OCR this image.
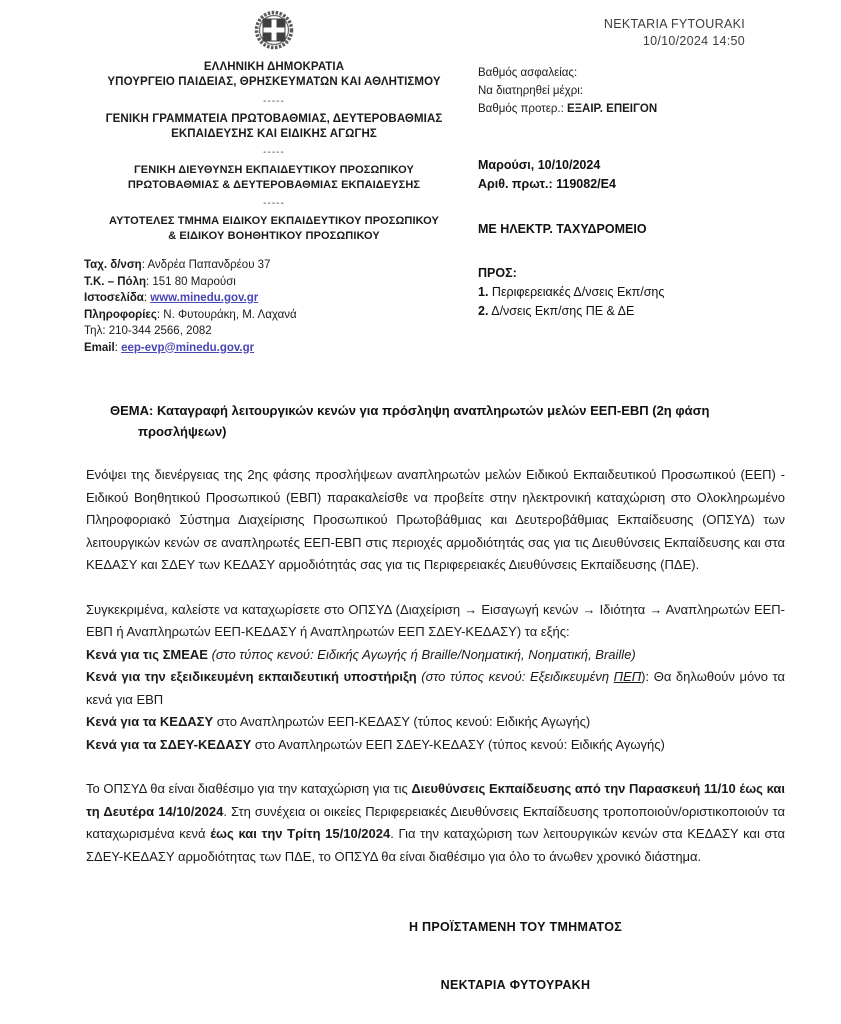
ΕΛΛΗΝΙΚΗ ΔΗΜΟΚΡΑΤΙΑ
ΥΠΟΥΡΓΕΙΟ ΠΑΙΔΕΙΑΣ, ΘΡΗΣΚΕΥΜΑΤΩΝ ΚΑΙ ΑΘΛΗΤΙΣΜΟΥ
-----
ΓΕΝΙΚΗ ΓΡΑΜΜΑΤΕΙΑ ΠΡΩΤΟΒΑΘΜΙΑΣ, ΔΕΥΤΕΡΟΒΑΘΜΙΑΣ
ΕΚΠΑΙΔΕΥΣΗΣ ΚΑΙ ΕΙΔΙΚΗΣ ΑΓΩΓΗΣ
-----
ΓΕΝΙΚΗ ΔΙΕΥΘΥΝΣΗ ΕΚΠΑΙΔΕΥΤΙΚΟΥ ΠΡΟΣΩΠΙΚΟΥ
ΠΡΩΤΟΒΑΘΜΙΑΣ & ΔΕΥΤΕΡΟΒΑΘΜΙΑΣ ΕΚΠΑΙΔΕΥΣΗΣ
-----
ΑΥΤΟΤΕΛΕΣ ΤΜΗΜΑ ΕΙΔΙΚΟΥ ΕΚΠΑΙΔΕΥΤΙΚΟΥ ΠΡΟΣΩΠΙΚΟΥ
& ΕΙΔΙΚΟΥ ΒΟΗΘΗΤΙΚΟΥ ΠΡΟΣΩΠΙΚΟΥ
Ταχ. δ/νση: Ανδρέα Παπανδρέου 37
Τ.Κ. – Πόλη: 151 80 Μαρούσι
Ιστοσελίδα: www.minedu.gov.gr
Πληροφορίες: Ν. Φυτουράκη, Μ. Λαχανά
Τηλ: 210-344 2566, 2082
Email: eep-evp@minedu.gov.gr
NEKTARIA FYTOURAKI
10/10/2024 14:50
Βαθμός ασφαλείας:
Να διατηρηθεί μέχρι:
Βαθμός προτερ.: ΕΞΑΙΡ. ΕΠΕΙΓΟΝ
Μαρούσι, 10/10/2024
Αριθ. πρωτ.: 119082/Ε4
ΜΕ ΗΛΕΚΤΡ. ΤΑΧΥΔΡΟΜΕΙΟ
ΠΡΟΣ:
1. Περιφερειακές Δ/νσεις Εκπ/σης
2. Δ/νσεις Εκπ/σης ΠΕ & ΔΕ
ΘΕΜΑ: Καταγραφή λειτουργικών κενών για πρόσληψη αναπληρωτών μελών ΕΕΠ-ΕΒΠ (2η φάση
προσλήψεων)
Ενόψει της διενέργειας της 2ης φάσης προσλήψεων αναπληρωτών μελών Ειδικού Εκπαιδευτικού Προσωπικού (ΕΕΠ) - Ειδικού Βοηθητικού Προσωπικού (ΕΒΠ) παρακαλείσθε να προβείτε στην ηλεκτρονική καταχώριση στο Ολοκληρωμένο Πληροφοριακό Σύστημα Διαχείρισης Προσωπικού Πρωτοβάθμιας και Δευτεροβάθμιας Εκπαίδευσης (ΟΠΣΥΔ) των λειτουργικών κενών σε αναπληρωτές ΕΕΠ-ΕΒΠ στις περιοχές αρμοδιότητάς σας για τις Διευθύνσεις Εκπαίδευσης και στα ΚΕΔΑΣΥ και ΣΔΕΥ των ΚΕΔΑΣΥ αρμοδιότητάς σας για τις Περιφερειακές Διευθύνσεις Εκπαίδευσης (ΠΔΕ).
Συγκεκριμένα, καλείστε να καταχωρίσετε στο ΟΠΣΥΔ (Διαχείριση → Εισαγωγή κενών → Ιδιότητα → Αναπληρωτών ΕΕΠ-ΕΒΠ ή Αναπληρωτών ΕΕΠ-ΚΕΔΑΣΥ ή Αναπληρωτών ΕΕΠ ΣΔΕΥ-ΚΕΔΑΣΥ) τα εξής:
Κενά για τις ΣΜΕΑΕ (στο τύπος κενού: Ειδικής Αγωγής ή Braille/Νοηματική, Νοηματική, Braille)
Κενά για την εξειδικευμένη εκπαιδευτική υποστήριξη (στο τύπος κενού: Εξειδικευμένη ΠΕΠ): Θα δηλωθούν μόνο τα κενά για ΕΒΠ
Κενά για τα ΚΕΔΑΣΥ στο Αναπληρωτών ΕΕΠ-ΚΕΔΑΣΥ (τύπος κενού: Ειδικής Αγωγής)
Κενά για τα ΣΔΕΥ-ΚΕΔΑΣΥ στο Αναπληρωτών ΕΕΠ ΣΔΕΥ-ΚΕΔΑΣΥ (τύπος κενού: Ειδικής Αγωγής)
Το ΟΠΣΥΔ θα είναι διαθέσιμο για την καταχώριση για τις Διευθύνσεις Εκπαίδευσης από την Παρασκευή 11/10 έως και τη Δευτέρα 14/10/2024. Στη συνέχεια οι οικείες Περιφερειακές Διευθύνσεις Εκπαίδευσης τροποποιούν/οριστικοποιούν τα καταχωρισμένα κενά έως και την Τρίτη 15/10/2024. Για την καταχώριση των λειτουργικών κενών στα ΚΕΔΑΣΥ και στα ΣΔΕΥ-ΚΕΔΑΣΥ αρμοδιότητας των ΠΔΕ, το ΟΠΣΥΔ θα είναι διαθέσιμο για όλο το άνωθεν χρονικό διάστημα.
Η ΠΡΟΪΣΤΑΜΕΝΗ ΤΟΥ ΤΜΗΜΑΤΟΣ
ΝΕΚΤΑΡΙΑ ΦΥΤΟΥΡΑΚΗ
